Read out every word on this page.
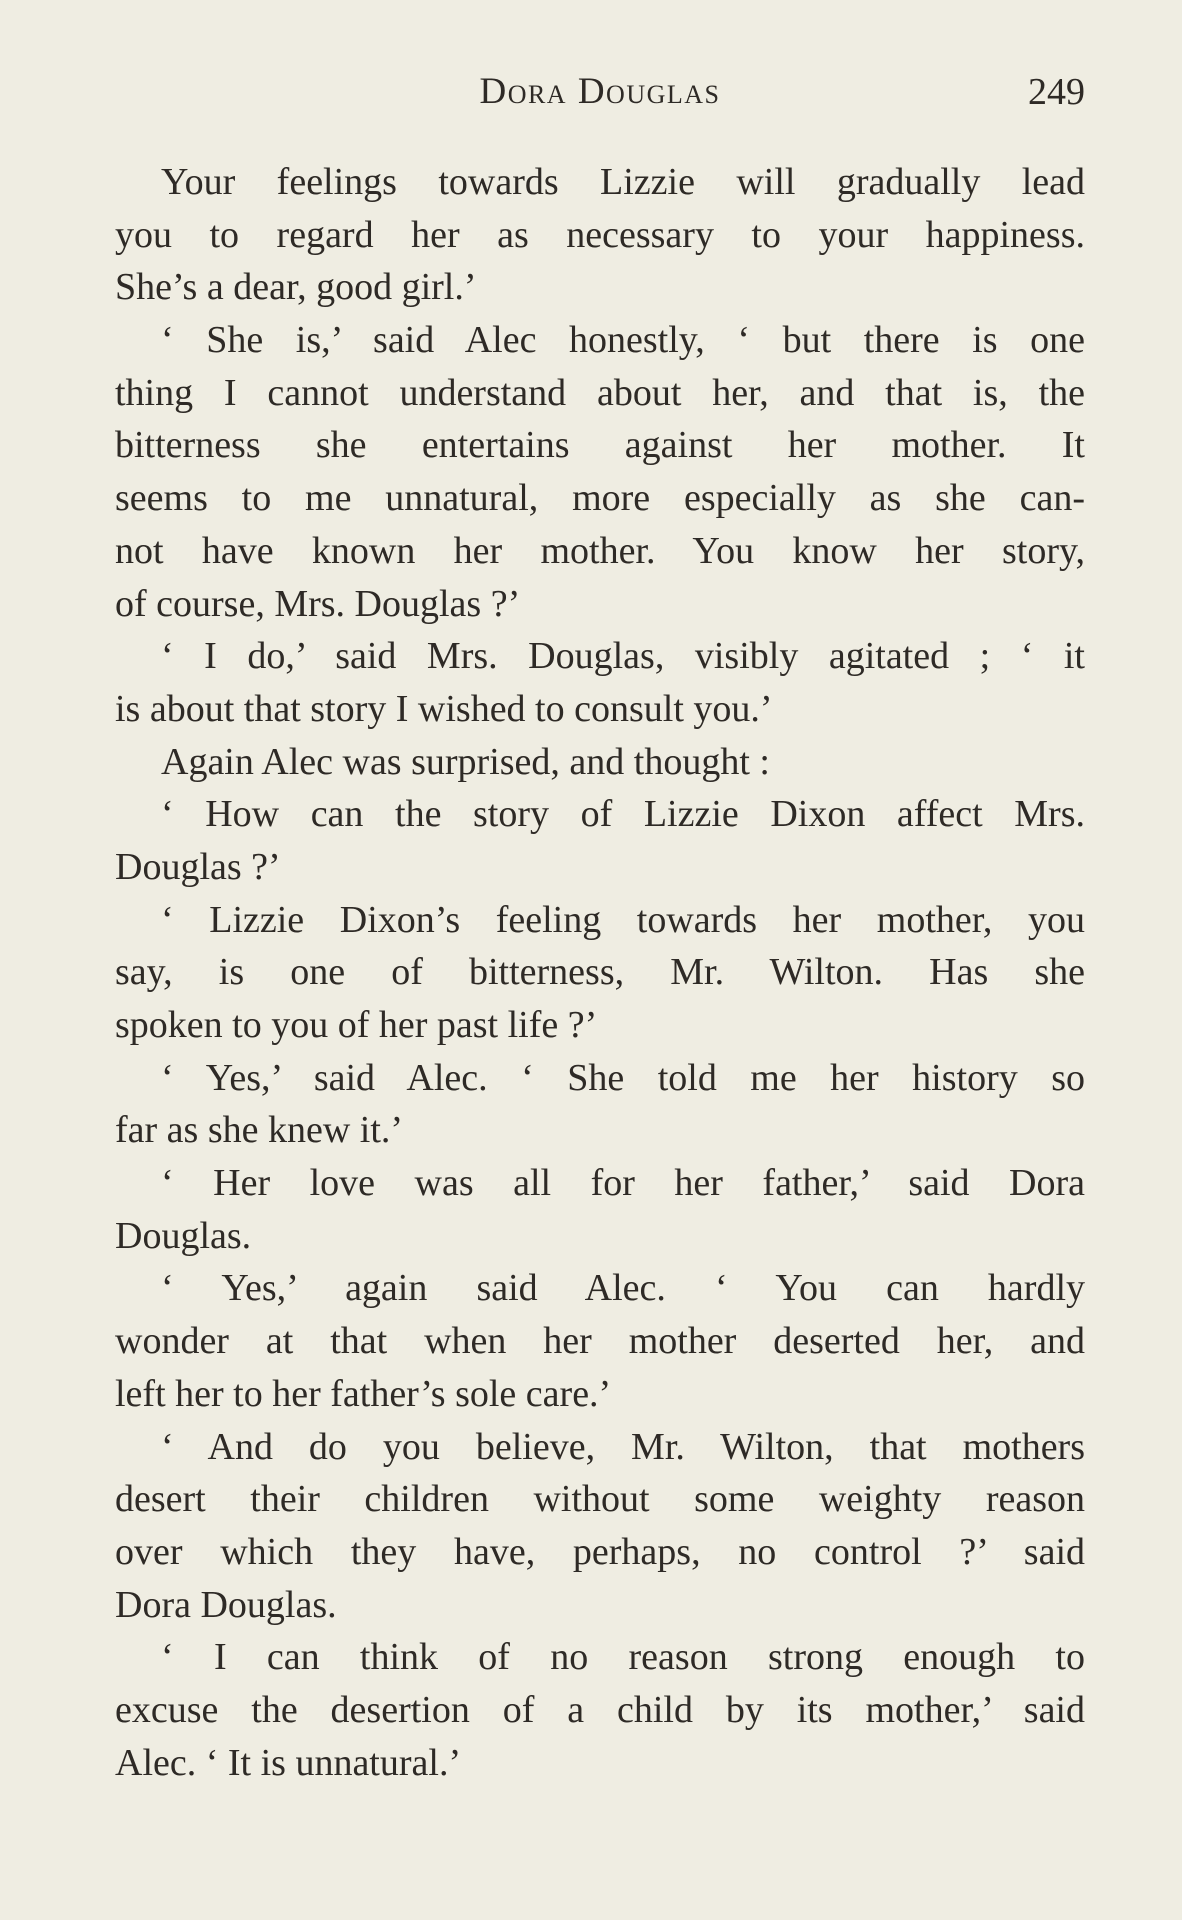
Dora Douglas	249
Your feelings towards Lizzie will gradually lead
you to regard her as necessary to your happiness.
She’s a dear, good girl.’
‘ She is,’ said Alec honestly, ‘ but there is one
thing I cannot understand about her, and that is, the
bitterness she entertains against her mother. It
seems to me unnatural, more especially as she can-
not have known her mother. You know her story,
of course, Mrs. Douglas ?’
‘ I do,’ said Mrs. Douglas, visibly agitated ; ‘ it
is about that story I wished to consult you.’
Again Alec was surprised, and thought :
‘ How can the story of Lizzie Dixon affect Mrs.
Douglas ?’
‘ Lizzie Dixon’s feeling towards her mother, you
say, is one of bitterness, Mr. Wilton. Has she
spoken to you of her past life ?’
‘ Yes,’ said Alec. ‘ She told me her history so
far as she knew it.’
‘ Her love was all for her father,’ said Dora
Douglas.
‘ Yes,’ again said Alec. ‘ You can hardly
wonder at that when her mother deserted her, and
left her to her father’s sole care.’
‘ And do you believe, Mr. Wilton, that mothers
desert their children without some weighty reason
over which they have, perhaps, no control ?’ said
Dora Douglas.
‘ I can think of no reason strong enough to
excuse the desertion of a child by its mother,’ said
Alec. ‘ It is unnatural.’
